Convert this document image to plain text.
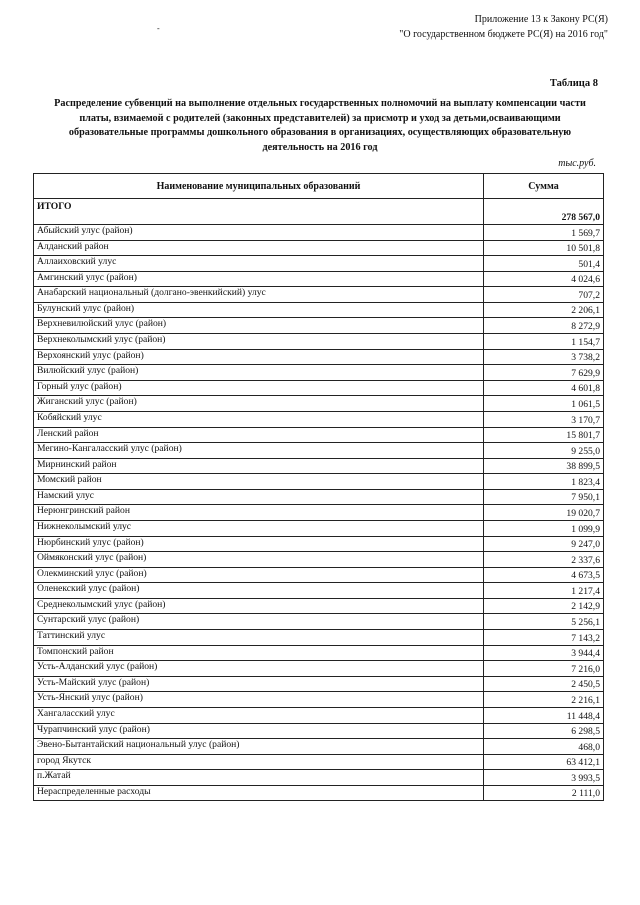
Приложение 13 к Закону РС(Я)
"О государственном бюджете РС(Я) на 2016 год"
-
Таблица 8
Распределение субвенций на выполнение отдельных государственных полномочий на выплату компенсации части платы, взимаемой с родителей (законных представителей) за присмотр и уход за детьми,осваивающими образовательные программы дошкольного образования в организациях, осуществляющих образовательную деятельность на 2016 год
тыс.руб.
Наименование муниципальных образований	Сумма
ИТОГО	278 567,0
Абыйский улус (район)	1 569,7
Алданский район	10 501,8
Аллаиховский улус	501,4
Амгинский улус (район)	4 024,6
Анабарский национальный (долгано-эвенкийский) улус	707,2
Булунский улус (район)	2 206,1
Верхневилюйский улус (район)	8 272,9
Верхнеколымский улус (район)	1 154,7
Верхоянский улус (район)	3 738,2
Вилюйский улус (район)	7 629,9
Горный улус (район)	4 601,8
Жиганский улус (район)	1 061,5
Кобяйский улус	3 170,7
Ленский район	15 801,7
Мегино-Кангаласский улус (район)	9 255,0
Мирнинский район	38 899,5
Момский район	1 823,4
Намский улус	7 950,1
Нерюнгринский район	19 020,7
Нижнеколымский улус	1 099,9
Нюрбинский улус (район)	9 247,0
Оймяконский улус (район)	2 337,6
Олекминский улус (район)	4 673,5
Оленекский улус (район)	1 217,4
Среднеколымский улус (район)	2 142,9
Сунтарский улус (район)	5 256,1
Таттинский улус	7 143,2
Томпонский район	3 944,4
Усть-Алданский улус (район)	7 216,0
Усть-Майский улус (район)	2 450,5
Усть-Янский улус (район)	2 216,1
Хангаласский улус	11 448,4
Чурапчинский улус (район)	6 298,5
Эвено-Бытантайский национальный улус (район)	468,0
город Якутск	63 412,1
п.Жатай	3 993,5
Нераспределенные расходы	2 111,0
